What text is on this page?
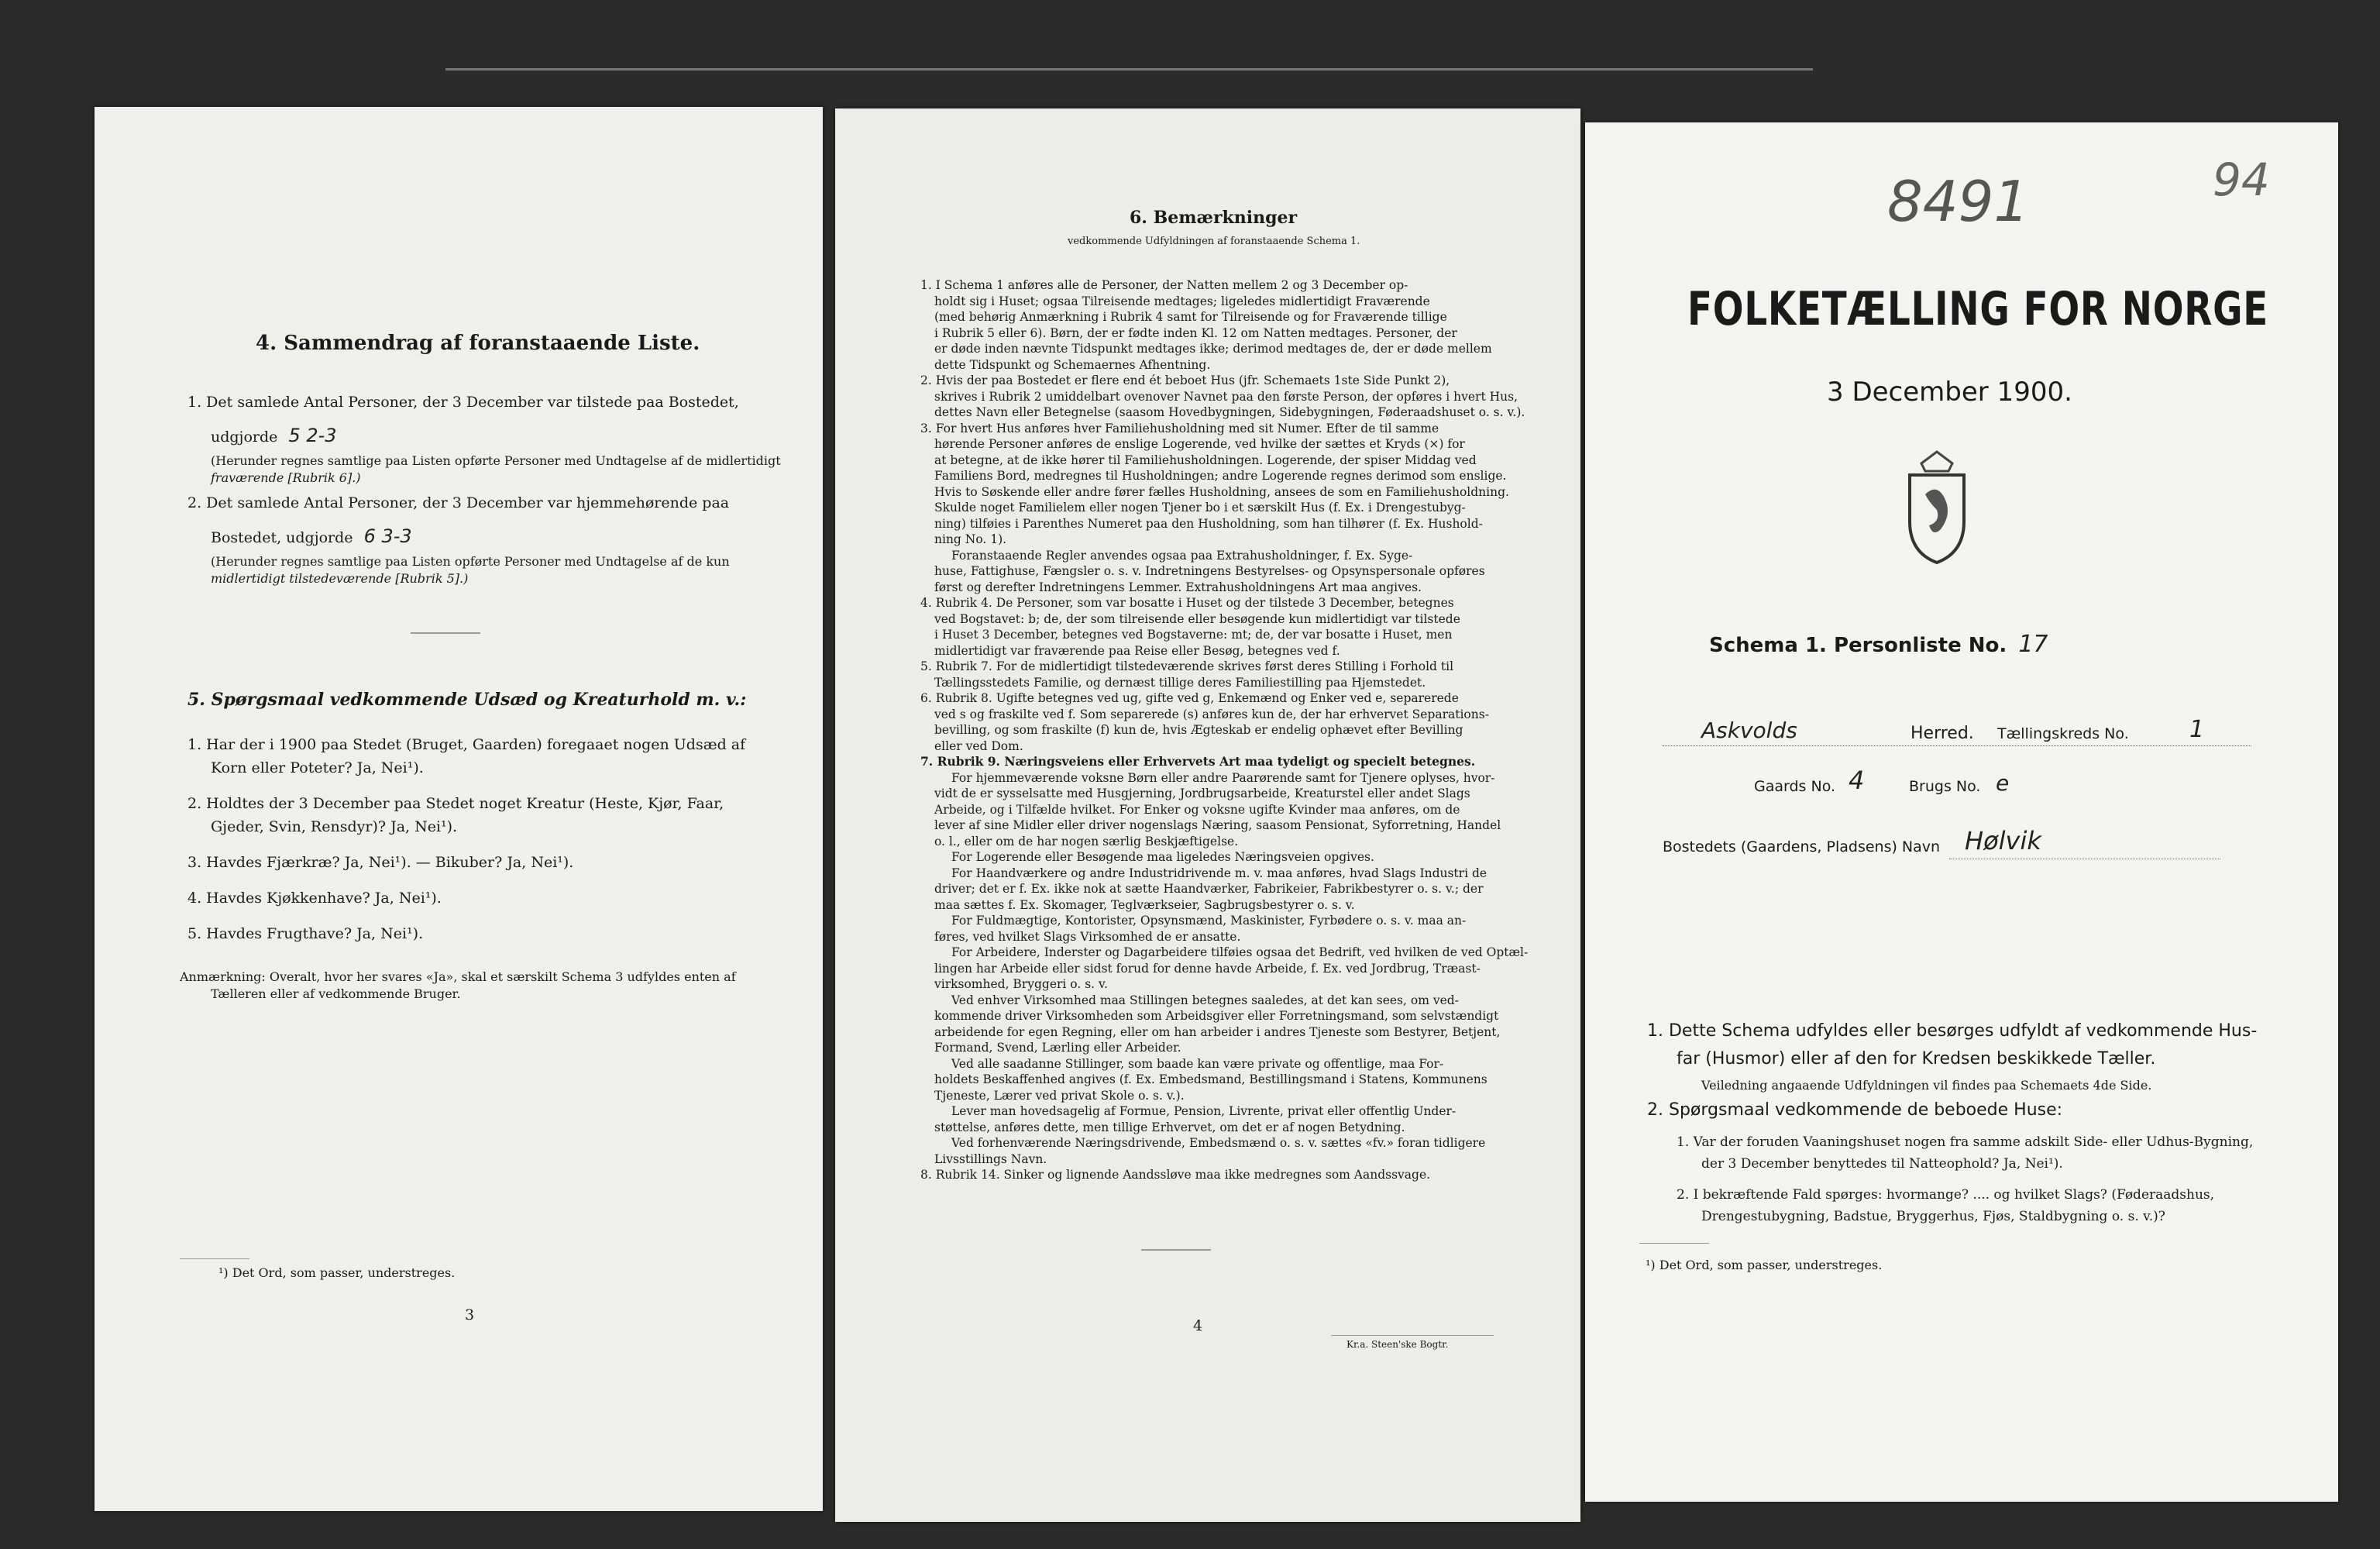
4. Sammendrag af foranstaaende Liste.
1. Det samlede Antal Personer, der 3 December var tilstede paa Bostedet,
udgjorde 5 2-3
(Herunder regnes samtlige paa Listen opførte Personer med Undtagelse af de midlertidigt
fraværende [Rubrik 6].)
2. Det samlede Antal Personer, der 3 December var hjemmehørende paa
Bostedet, udgjorde 6 3-3
(Herunder regnes samtlige paa Listen opførte Personer med Undtagelse af de kun
midlertidigt tilstedeværende [Rubrik 5].)
5. Spørgsmaal vedkommende Udsæd og Kreaturhold m. v.:
1. Har der i 1900 paa Stedet (Bruget, Gaarden) foregaaet nogen Udsæd af
Korn eller Poteter? Ja, Nei¹).
2. Holdtes der 3 December paa Stedet noget Kreatur (Heste, Kjør, Faar,
Gjeder, Svin, Rensdyr)? Ja, Nei¹).
3. Havdes Fjærkræ? Ja, Nei¹). — Bikuber? Ja, Nei¹).
4. Havdes Kjøkkenhave? Ja, Nei¹).
5. Havdes Frugthave? Ja, Nei¹).
Anmærkning: Overalt, hvor her svares «Ja», skal et særskilt Schema 3 udfyldes enten af
Tælleren eller af vedkommende Bruger.
¹) Det Ord, som passer, understreges.
3
6. Bemærkninger
vedkommende Udfyldningen af foranstaaende Schema 1.

1. I Schema 1 anføres alle de Personer, der Natten mellem 2 og 3 December op-

holdt sig i Huset; ogsaa Tilreisende medtages; ligeledes midlertidigt Fraværende

(med behørig Anmærkning i Rubrik 4 samt for Tilreisende og for Fraværende tillige

i Rubrik 5 eller 6). Børn, der er fødte inden Kl. 12 om Natten medtages. Personer, der

er døde inden nævnte Tidspunkt medtages ikke; derimod medtages de, der er døde mellem

dette Tidspunkt og Schemaernes Afhentning.

2. Hvis der paa Bostedet er flere end ét beboet Hus (jfr. Schemaets 1ste Side Punkt 2),

skrives i Rubrik 2 umiddelbart ovenover Navnet paa den første Person, der opføres i hvert Hus,

dettes Navn eller Betegnelse (saasom Hovedbygningen, Sidebygningen, Føderaadshuset o. s. v.).

3. For hvert Hus anføres hver Familiehusholdning med sit Numer. Efter de til samme

hørende Personer anføres de enslige Logerende, ved hvilke der sættes et Kryds (×) for

at betegne, at de ikke hører til Familiehusholdningen. Logerende, der spiser Middag ved

Familiens Bord, medregnes til Husholdningen; andre Logerende regnes derimod som enslige.

Hvis to Søskende eller andre fører fælles Husholdning, ansees de som en Familiehusholdning.

Skulde noget Familielem eller nogen Tjener bo i et særskilt Hus (f. Ex. i Drengestubyg-

ning) tilføies i Parenthes Numeret paa den Husholdning, som han tilhører (f. Ex. Hushold-

ning No. 1).

Foranstaaende Regler anvendes ogsaa paa Extrahusholdninger, f. Ex. Syge-

huse, Fattighuse, Fængsler o. s. v. Indretningens Bestyrelses- og Opsynspersonale opføres

først og derefter Indretningens Lemmer. Extrahusholdningens Art maa angives.

4. Rubrik 4. De Personer, som var bosatte i Huset og der tilstede 3 December, betegnes

ved Bogstavet: b; de, der som tilreisende eller besøgende kun midlertidigt var tilstede

i Huset 3 December, betegnes ved Bogstaverne: mt; de, der var bosatte i Huset, men

midlertidigt var fraværende paa Reise eller Besøg, betegnes ved f.

5. Rubrik 7. For de midlertidigt tilstedeværende skrives først deres Stilling i Forhold til

Tællingsstedets Familie, og dernæst tillige deres Familiestilling paa Hjemstedet.

6. Rubrik 8. Ugifte betegnes ved ug, gifte ved g, Enkemænd og Enker ved e, separerede

ved s og fraskilte ved f. Som separerede (s) anføres kun de, der har erhvervet Separations-

bevilling, og som fraskilte (f) kun de, hvis Ægteskab er endelig ophævet efter Bevilling

eller ved Dom.

7. Rubrik 9. Næringsveiens eller Erhvervets Art maa tydeligt og specielt betegnes.

For hjemmeværende voksne Børn eller andre Paarørende samt for Tjenere oplyses, hvor-

vidt de er sysselsatte med Husgjerning, Jordbrugsarbeide, Kreaturstel eller andet Slags

Arbeide, og i Tilfælde hvilket. For Enker og voksne ugifte Kvinder maa anføres, om de

lever af sine Midler eller driver nogenslags Næring, saasom Pensionat, Syforretning, Handel

o. l., eller om de har nogen særlig Beskjæftigelse.

For Logerende eller Besøgende maa ligeledes Næringsveien opgives.

For Haandværkere og andre Industridrivende m. v. maa anføres, hvad Slags Industri de

driver; det er f. Ex. ikke nok at sætte Haandværker, Fabrikeier, Fabrikbestyrer o. s. v.; der

maa sættes f. Ex. Skomager, Teglværkseier, Sagbrugsbestyrer o. s. v.

For Fuldmægtige, Kontorister, Opsynsmænd, Maskinister, Fyrbødere o. s. v. maa an-

føres, ved hvilket Slags Virksomhed de er ansatte.

For Arbeidere, Inderster og Dagarbeidere tilføies ogsaa det Bedrift, ved hvilken de ved Optæl-

lingen har Arbeide eller sidst forud for denne havde Arbeide, f. Ex. ved Jordbrug, Træast-

virksomhed, Bryggeri o. s. v.

Ved enhver Virksomhed maa Stillingen betegnes saaledes, at det kan sees, om ved-

kommende driver Virksomheden som Arbeidsgiver eller Forretningsmand, som selvstændigt

arbeidende for egen Regning, eller om han arbeider i andres Tjeneste som Bestyrer, Betjent,

Formand, Svend, Lærling eller Arbeider.

Ved alle saadanne Stillinger, som baade kan være private og offentlige, maa For-

holdets Beskaffenhed angives (f. Ex. Embedsmand, Bestillingsmand i Statens, Kommunens

Tjeneste, Lærer ved privat Skole o. s. v.).

Lever man hovedsagelig af Formue, Pension, Livrente, privat eller offentlig Under-

støttelse, anføres dette, men tillige Erhvervet, om det er af nogen Betydning.

Ved forhenværende Næringsdrivende, Embedsmænd o. s. v. sættes «fv.» foran tidligere

Livsstillings Navn.

8. Rubrik 14. Sinker og lignende Aandssløve maa ikke medregnes som Aandssvage.

4
Kr.a. Steen'ske Bogtr.
8491	94
FOLKETÆLLING FOR NORGE
3 December 1900.
Schema 1. Personliste No. 17
Askvolds	Herred. Tællingskreds No.	1
Gaards No. 4	Brugs No. e
Bostedets (Gaardens, Pladsens) Navn Hølvik
1. Dette Schema udfyldes eller besørges udfyldt af vedkommende Hus-
far (Husmor) eller af den for Kredsen beskikkede Tæller.
Veiledning angaaende Udfyldningen vil findes paa Schemaets 4de Side.
2. Spørgsmaal vedkommende de beboede Huse:
1. Var der foruden Vaaningshuset nogen fra samme adskilt Side- eller Udhus-Bygning,
der 3 December benyttedes til Natteophold? Ja, Nei¹).
2. I bekræftende Fald spørges: hvormange? .... og hvilket Slags? (Føderaadshus,
Drengestubygning, Badstue, Bryggerhus, Fjøs, Staldbygning o. s. v.)?
¹) Det Ord, som passer, understreges.
